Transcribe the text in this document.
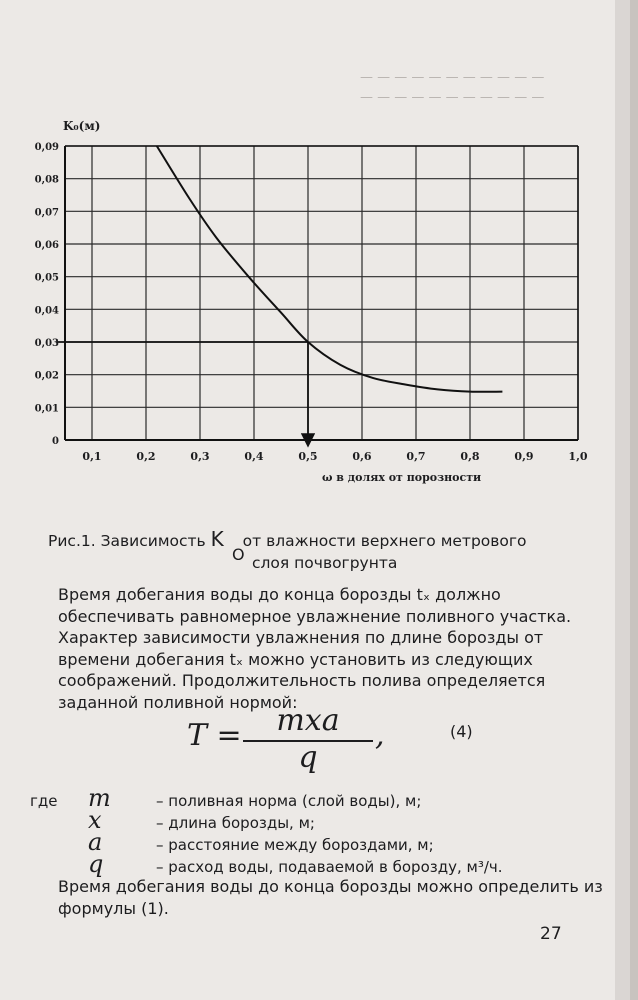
— — — — — — — — — — —
— — — — — — — — — — —
0,1	0,2	0,3	0,4	0,5	0,6	0,7	0,8	0,9	1,0
0
0,01
0,02
0,03
0,04
0,05
0,06
0,07
0,08
0,09
K₀(м)
ω в долях от порозности
Рис.1. Зависимость K от влажности верхнего метрового
O слоя почвогрунта

Время добегания воды до конца борозды tₓ должно обеспечивать равномерное увлажнение поливного участка. Характер зависимости увлажнения по длине борозды от времени добегания tₓ можно установить из следующих соображений. Продолжительность полива определяется заданной поливной нормой:

T =	mxa
q
,	(4)
где m	– поливная норма (слой воды), м;
x	– длина борозды, м;
a	– расстояние между бороздами, м;
q	– расход воды, подаваемой в борозду, м³/ч.

Время добегания воды до конца борозды можно определить из формулы (1).

27
